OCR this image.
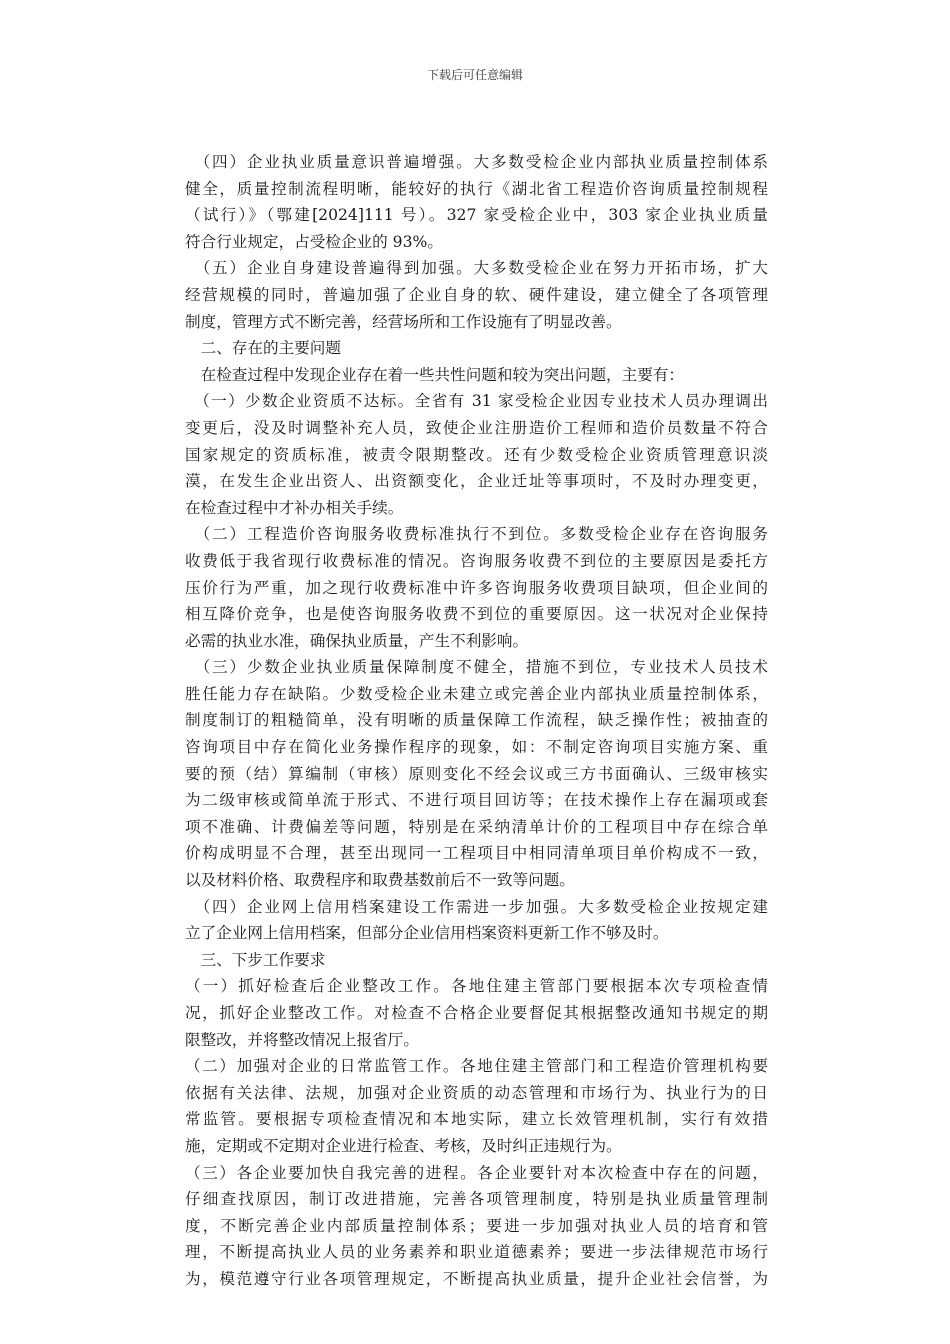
下载后可任意编辑
　（四）企业执业质量意识普遍增强。大多数受检企业内部执业质量控制体系
健全，质量控制流程明晰，能较好的执行《湖北省工程造价咨询质量控制规程
（试行）》（鄂建[2024]111 号）。327 家受检企业中，303 家企业执业质量
符合行业规定，占受检企业的 93%。
　（五）企业自身建设普遍得到加强。大多数受检企业在努力开拓市场，扩大
经营规模的同时，普遍加强了企业自身的软、硬件建设，建立健全了各项管理
制度，管理方式不断完善，经营场所和工作设施有了明显改善。
　二、存在的主要问题
　在检查过程中发现企业存在着一些共性问题和较为突出问题，主要有：
　（一）少数企业资质不达标。全省有 31 家受检企业因专业技术人员办理调出
变更后，没及时调整补充人员，致使企业注册造价工程师和造价员数量不符合
国家规定的资质标准，被责令限期整改。还有少数受检企业资质管理意识淡
漠，在发生企业出资人、出资额变化，企业迁址等事项时，不及时办理变更，
在检查过程中才补办相关手续。
　（二）工程造价咨询服务收费标准执行不到位。多数受检企业存在咨询服务
收费低于我省现行收费标准的情况。咨询服务收费不到位的主要原因是委托方
压价行为严重，加之现行收费标准中许多咨询服务收费项目缺项，但企业间的
相互降价竞争，也是使咨询服务收费不到位的重要原因。这一状况对企业保持
必需的执业水准，确保执业质量，产生不利影响。
　（三）少数企业执业质量保障制度不健全，措施不到位，专业技术人员技术
胜任能力存在缺陷。少数受检企业未建立或完善企业内部执业质量控制体系，
制度制订的粗糙简单，没有明晰的质量保障工作流程，缺乏操作性；被抽查的
咨询项目中存在简化业务操作程序的现象，如：不制定咨询项目实施方案、重
要的预（结）算编制（审核）原则变化不经会议或三方书面确认、三级审核实
为二级审核或简单流于形式、不进行项目回访等；在技术操作上存在漏项或套
项不准确、计费偏差等问题，特别是在采纳清单计价的工程项目中存在综合单
价构成明显不合理，甚至出现同一工程项目中相同清单项目单价构成不一致，
以及材料价格、取费程序和取费基数前后不一致等问题。
　（四）企业网上信用档案建设工作需进一步加强。大多数受检企业按规定建
立了企业网上信用档案，但部分企业信用档案资料更新工作不够及时。
　三、下步工作要求
（一）抓好检查后企业整改工作。各地住建主管部门要根据本次专项检查情
况，抓好企业整改工作。对检查不合格企业要督促其根据整改通知书规定的期
限整改，并将整改情况上报省厅。
（二）加强对企业的日常监管工作。各地住建主管部门和工程造价管理机构要
依据有关法律、法规，加强对企业资质的动态管理和市场行为、执业行为的日
常监管。要根据专项检查情况和本地实际，建立长效管理机制，实行有效措
施，定期或不定期对企业进行检查、考核，及时纠正违规行为。
（三）各企业要加快自我完善的进程。各企业要针对本次检查中存在的问题，
仔细查找原因，制订改进措施，完善各项管理制度，特别是执业质量管理制
度，不断完善企业内部质量控制体系；要进一步加强对执业人员的培育和管
理，不断提高执业人员的业务素养和职业道德素养；要进一步法律规范市场行
为，模范遵守行业各项管理规定，不断提高执业质量，提升企业社会信誉，为
